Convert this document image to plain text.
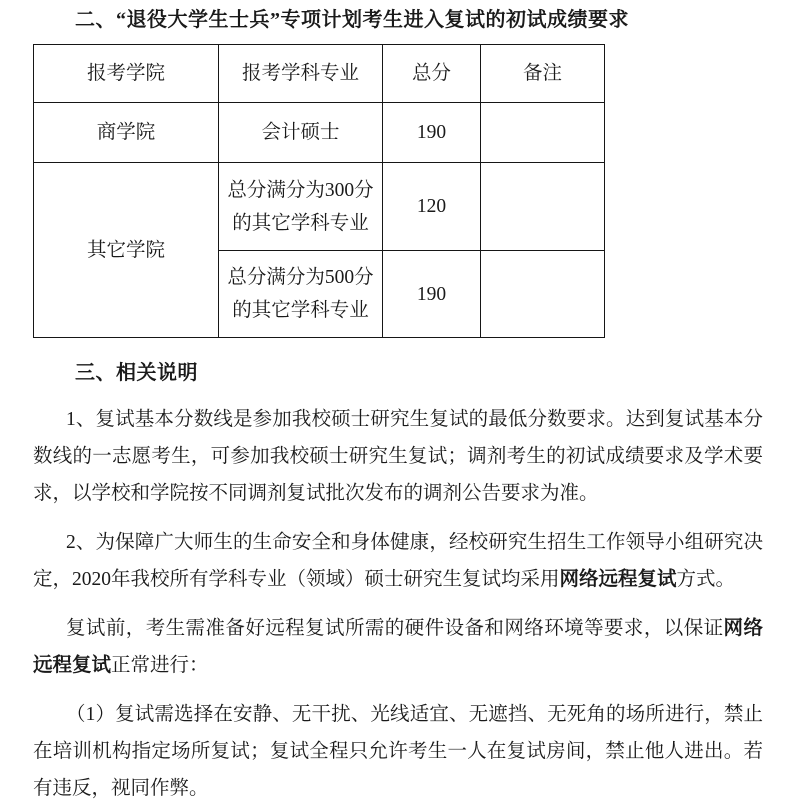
二、“退役大学生士兵”专项计划考生进入复试的初试成绩要求
报考学院	报考学科专业	总分	备注
商学院	会计硕士	190	
其它学院	总分满分为300分的其它学科专业	120	
	总分满分为500分的其它学科专业	190	
三、相关说明

1、复试基本分数线是参加我校硕士研究生复试的最低分数要求。达到复试基本分数线的一志愿考生，可参加我校硕士研究生复试；调剂考生的初试成绩要求及学术要求，以学校和学院按不同调剂复试批次发布的调剂公告要求为准。

2、为保障广大师生的生命安全和身体健康，经校研究生招生工作领导小组研究决定，2020年我校所有学科专业（领域）硕士研究生复试均采用网络远程复试方式。

复试前，考生需准备好远程复试所需的硬件设备和网络环境等要求，以保证网络远程复试正常进行：

（1）复试需选择在安静、无干扰、光线适宜、无遮挡、无死角的场所进行，禁止在培训机构指定场所复试；复试全程只允许考生一人在复试房间，禁止他人进出。若有违反，视同作弊。
